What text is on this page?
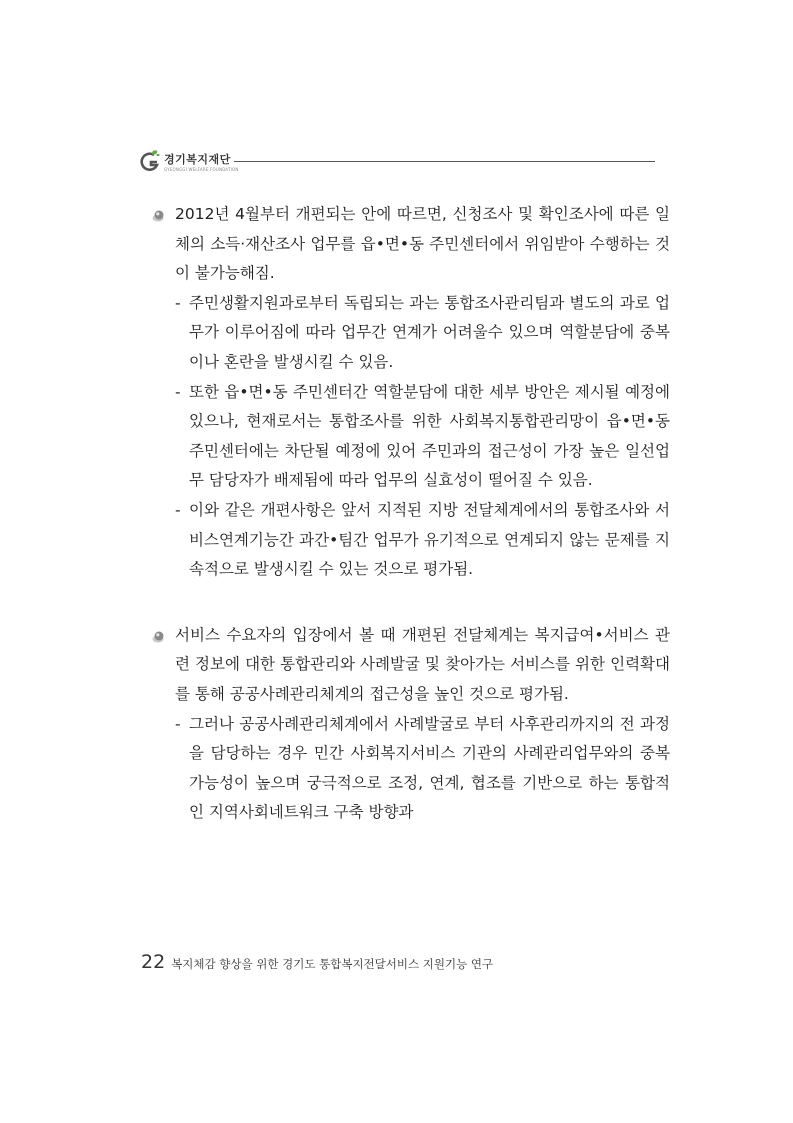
경기복지재단
GYEONGGI WELFARE FOUNDATION
2012년 4월부터 개편되는 안에 따르면, 신청조사 및 확인조사에 따른 일체의 소득·재산조사 업무를 읍•면•동 주민센터에서 위임받아 수행하는 것이 불가능해짐.
- 주민생활지원과로부터 독립되는 과는 통합조사관리팀과 별도의 과로 업무가 이루어짐에 따라 업무간 연계가 어려울수 있으며 역할분담에 중복이나 혼란을 발생시킬 수 있음.
- 또한 읍•면•동 주민센터간 역할분담에 대한 세부 방안은 제시될 예정에 있으나, 현재로서는 통합조사를 위한 사회복지통합관리망이 읍•면•동 주민센터에는 차단될 예정에 있어 주민과의 접근성이 가장 높은 일선업무 담당자가 배제됨에 따라 업무의 실효성이 떨어질 수 있음.
- 이와 같은 개편사항은 앞서 지적된 지방 전달체계에서의 통합조사와 서비스연계기능간 과간•팀간 업무가 유기적으로 연계되지 않는 문제를 지속적으로 발생시킬 수 있는 것으로 평가됨.
서비스 수요자의 입장에서 볼 때 개편된 전달체계는 복지급여•서비스 관련 정보에 대한 통합관리와 사례발굴 및 찾아가는 서비스를 위한 인력확대를 통해 공공사례관리체계의 접근성을 높인 것으로 평가됨.
- 그러나 공공사례관리체계에서 사례발굴로 부터 사후관리까지의 전 과정을 담당하는 경우 민간 사회복지서비스 기관의 사례관리업무와의 중복가능성이 높으며 궁극적으로 조정, 연계, 협조를 기반으로 하는 통합적인 지역사회네트워크 구축 방향과
22 복지체감 향상을 위한 경기도 통합복지전달서비스 지원기능 연구
